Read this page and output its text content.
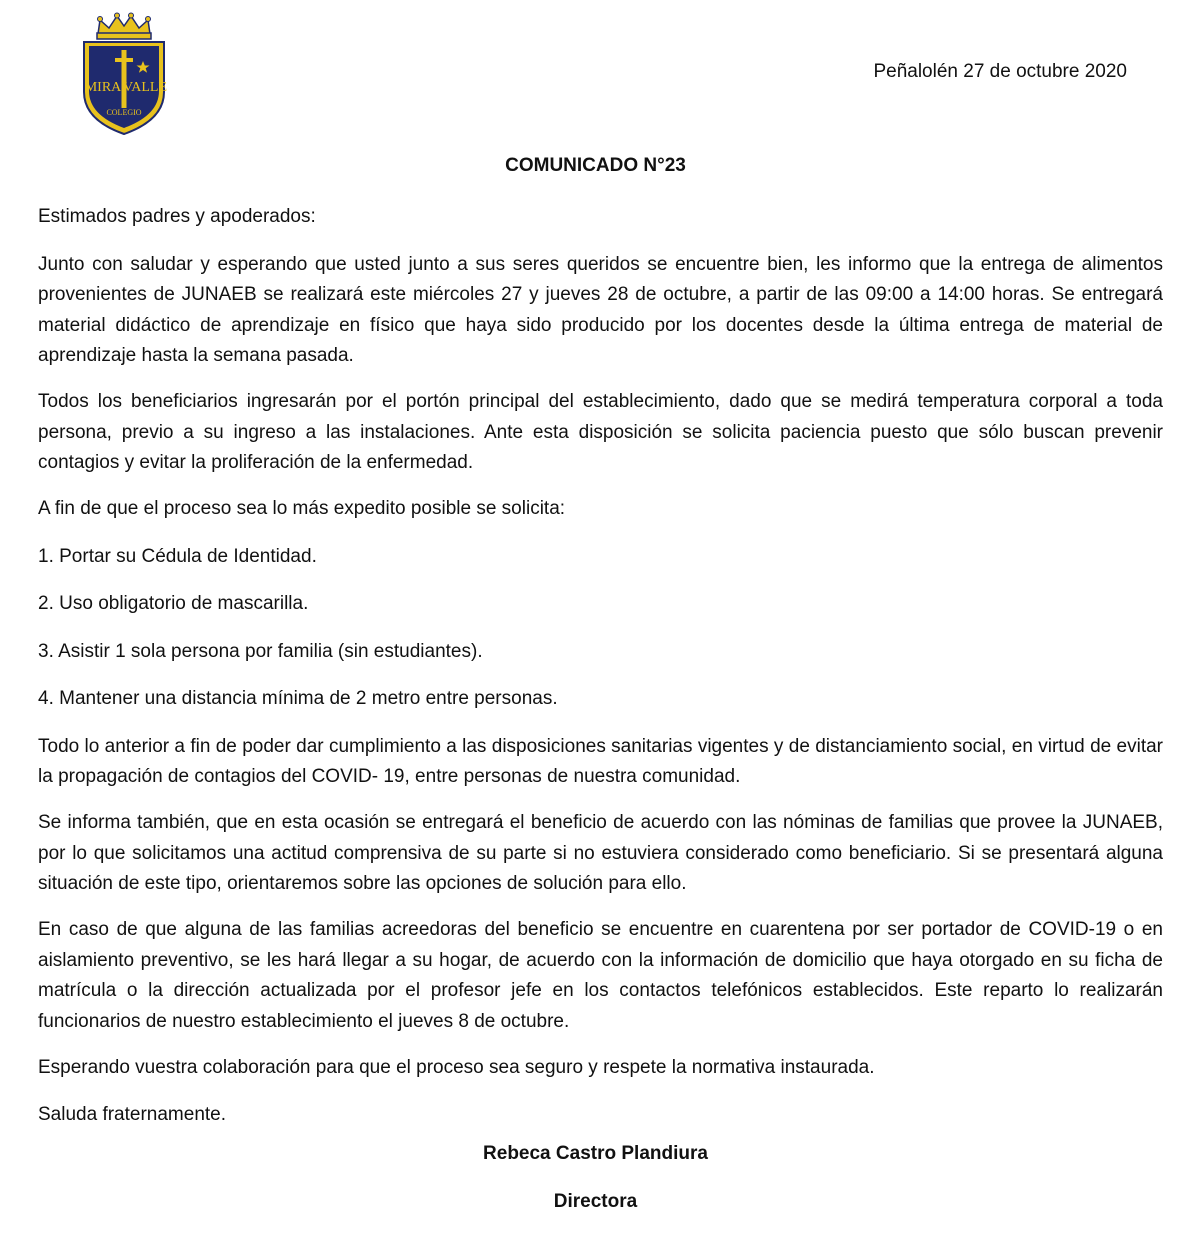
MIRA VALLE
COLEGIO
Peñalolén 27 de octubre 2020
COMUNICADO N°23

Estimados padres y apoderados:

Junto con saludar y esperando que usted junto a sus seres queridos se encuentre bien, les informo que la entrega de alimentos provenientes de JUNAEB se realizará este miércoles 27 y jueves 28 de octubre, a partir de las 09:00 a 14:00 horas. Se entregará material didáctico de aprendizaje en físico que haya sido producido por los docentes desde la última entrega de material de aprendizaje hasta la semana pasada.

Todos los beneficiarios ingresarán por el portón principal del establecimiento, dado que se medirá temperatura corporal a toda persona, previo a su ingreso a las instalaciones. Ante esta disposición se solicita paciencia puesto que sólo buscan prevenir contagios y evitar la proliferación de la enfermedad.

A fin de que el proceso sea lo más expedito posible se solicita:

1. Portar su Cédula de Identidad.

2. Uso obligatorio de mascarilla.

3. Asistir 1 sola persona por familia (sin estudiantes).

4. Mantener una distancia mínima de 2 metro entre personas.

Todo lo anterior a fin de poder dar cumplimiento a las disposiciones sanitarias vigentes y de distanciamiento social, en virtud de evitar la propagación de contagios del COVID- 19, entre personas de nuestra comunidad.

Se informa también, que en esta ocasión se entregará el beneficio de acuerdo con las nóminas de familias que provee la JUNAEB, por lo que solicitamos una actitud comprensiva de su parte si no estuviera considerado como beneficiario. Si se presentará alguna situación de este tipo, orientaremos sobre las opciones de solución para ello.

En caso de que alguna de las familias acreedoras del beneficio se encuentre en cuarentena por ser portador de COVID-19 o en aislamiento preventivo, se les hará llegar a su hogar, de acuerdo con la información de domicilio que haya otorgado en su ficha de matrícula o la dirección actualizada por el profesor jefe en los contactos telefónicos establecidos. Este reparto lo realizarán funcionarios de nuestro establecimiento el jueves 8 de octubre.

Esperando vuestra colaboración para que el proceso sea seguro y respete la normativa instaurada.

Saluda fraternamente.

Rebeca Castro Plandiura
Directora
